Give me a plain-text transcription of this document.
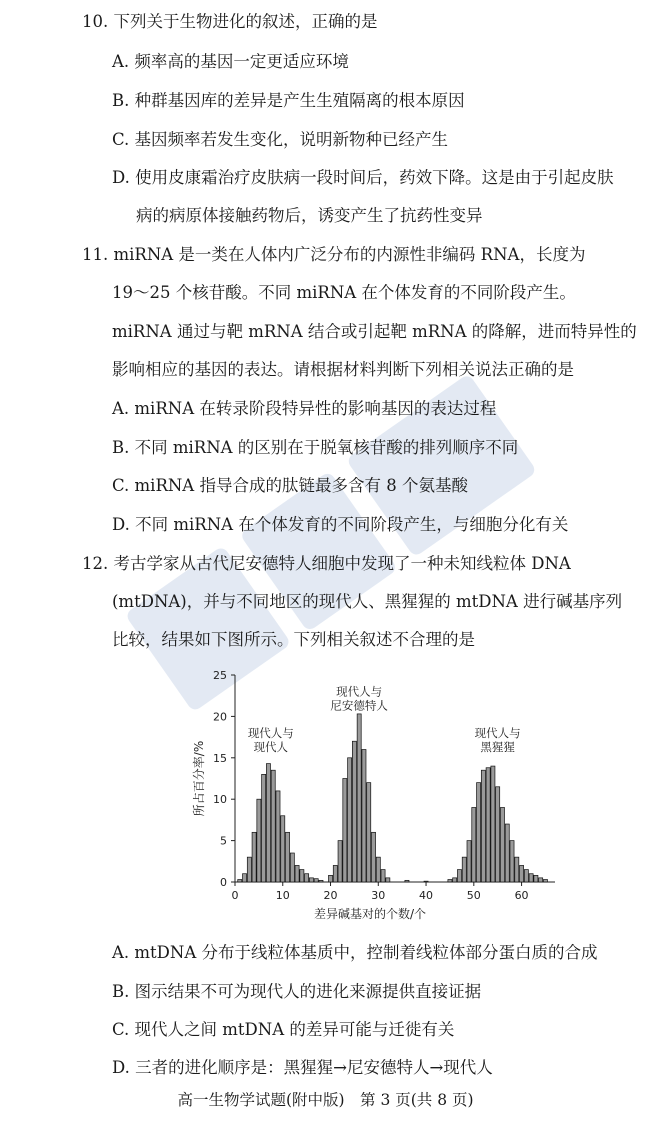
10. 下列关于生物进化的叙述，正确的是
A. 频率高的基因一定更适应环境
B. 种群基因库的差异是产生生殖隔离的根本原因
C. 基因频率若发生变化，说明新物种已经产生
D. 使用皮康霜治疗皮肤病一段时间后，药效下降。这是由于引起皮肤
病的病原体接触药物后，诱变产生了抗药性变异
11. miRNA 是一类在人体内广泛分布的内源性非编码 RNA，长度为
19～25 个核苷酸。不同 miRNA 在个体发育的不同阶段产生。
miRNA 通过与靶 mRNA 结合或引起靶 mRNA 的降解，进而特异性的
影响相应的基因的表达。请根据材料判断下列相关说法正确的是
A. miRNA 在转录阶段特异性的影响基因的表达过程
B. 不同 miRNA 的区别在于脱氧核苷酸的排列顺序不同
C. miRNA 指导合成的肽链最多含有 8 个氨基酸
D. 不同 miRNA 在个体发育的不同阶段产生，与细胞分化有关
12. 考古学家从古代尼安德特人细胞中发现了一种未知线粒体 DNA
(mtDNA)，并与不同地区的现代人、黑猩猩的 mtDNA 进行碱基序列
比较，结果如下图所示。下列相关叙述不合理的是
0
5
10
15
20
25
0	10	20	30	40	50	60
差异碱基对的个数/个
所占百分率/%
现代人与
现代人
现代人与
尼安德特人
现代人与
黑猩猩
A. mtDNA 分布于线粒体基质中，控制着线粒体部分蛋白质的合成
B. 图示结果不可为现代人的进化来源提供直接证据
C. 现代人之间 mtDNA 的差异可能与迁徙有关
D. 三者的进化顺序是：黑猩猩→尼安德特人→现代人
高一生物学试题(附中版)　第 3 页(共 8 页)
